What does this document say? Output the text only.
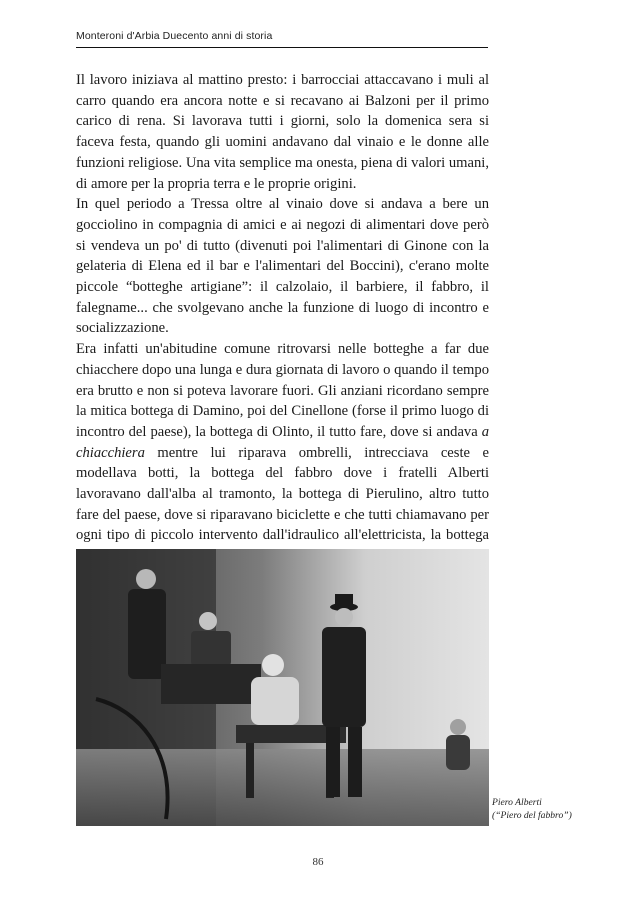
Monteroni d'Arbia Duecento anni di storia

Il lavoro iniziava al mattino presto: i barrocciai attaccavano i muli al carro quando era ancora notte e si recavano ai Balzoni per il primo carico di rena. Si lavorava tutti i giorni, solo la domenica sera si faceva festa, quando gli uomini andavano dal vinaio e le donne alle funzioni religiose. Una vita semplice ma onesta, piena di valori umani, di amore per la propria terra e le proprie origini.

In quel periodo a Tressa oltre al vinaio dove si andava a bere un gocciolino in compagnia di amici e ai negozi di alimentari dove però si vendeva un po' di tutto (divenuti poi l'alimentari di Ginone con la gelateria di Elena ed il bar e l'alimentari del Boccini), c'erano molte piccole “botteghe artigiane”: il calzolaio, il barbiere, il fabbro, il falegname... che svolgevano anche la funzione di luogo di incontro e socializzazione.

Era infatti un'abitudine comune ritrovarsi nelle botteghe a far due chiacchere dopo una lunga e dura giornata di lavoro o quando il tempo era brutto e non si poteva lavorare fuori. Gli anziani ricordano sempre la mitica bottega di Damino, poi del Cinellone (forse il primo luogo di incontro del paese), la bottega di Olinto, il tutto fare, dove si andava a chiacchiera mentre lui riparava ombrelli, intrecciava ceste e modellava botti, la bottega del fabbro dove i fratelli Alberti lavoravano dall'alba al tramonto, la bottega di Pierulino, altro tutto fare del paese, dove si riparavano biciclette e che tutti chiamavano per ogni tipo di piccolo intervento dall'idraulico all'elettricista, la bottega

Piero Alberti
(“Piero del fabbro”)
86
